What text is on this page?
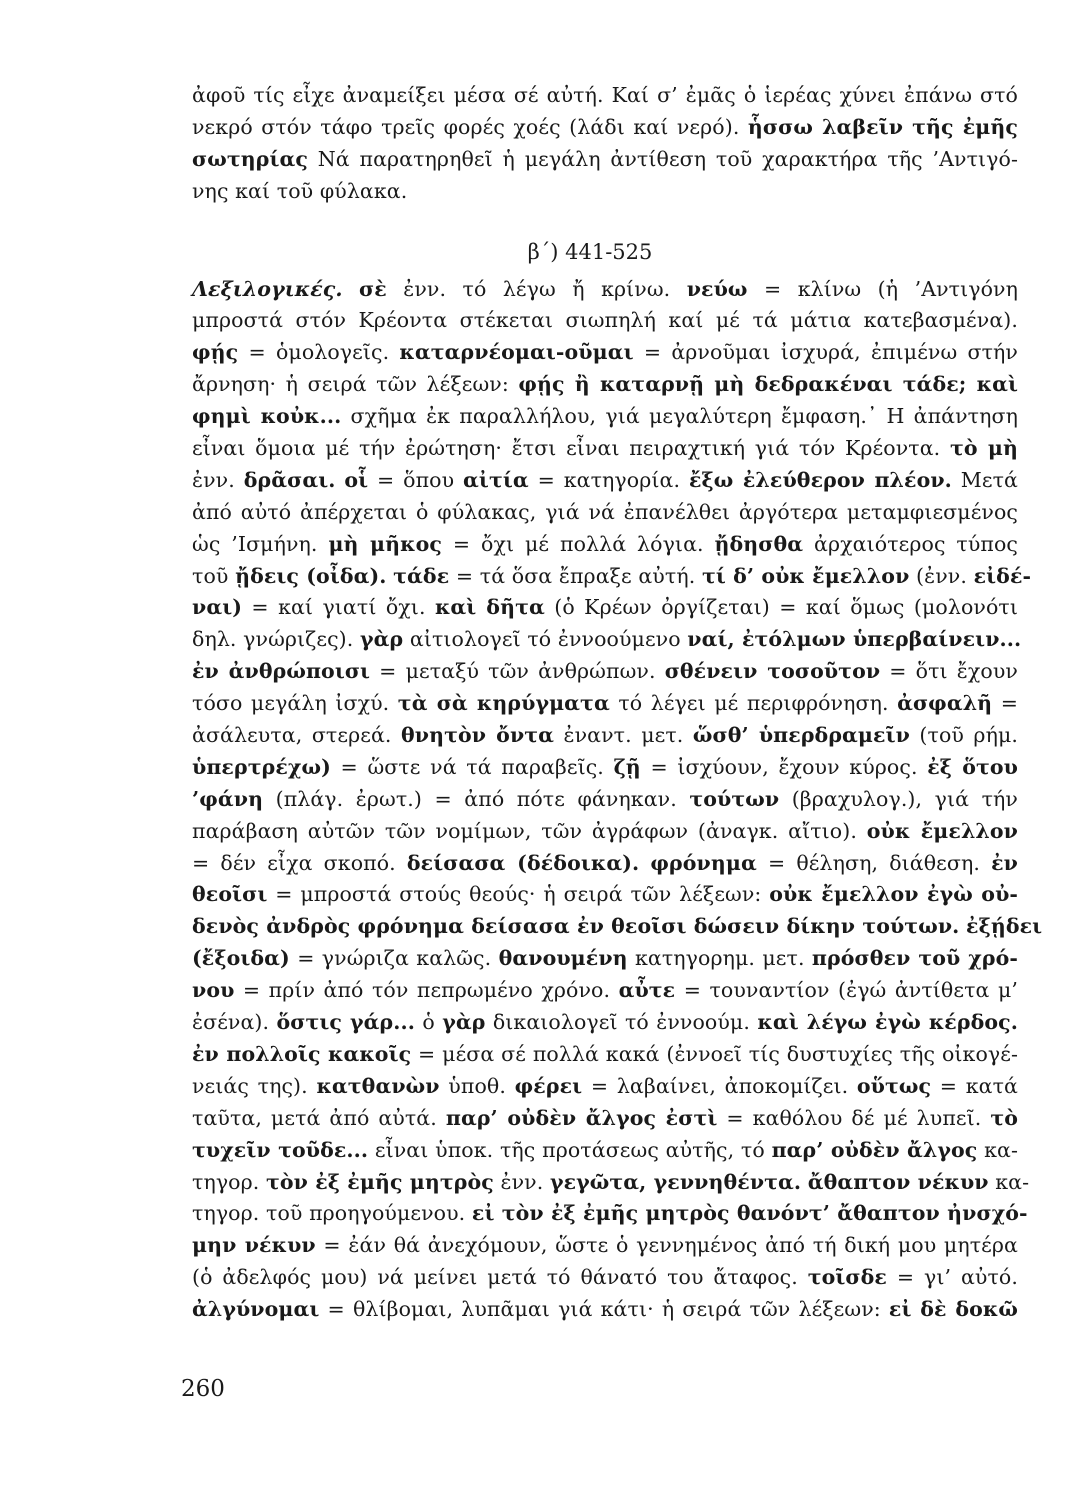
ἀφοῦ τίς εἶχε ἀναμείξει μέσα σέ αὐτή. Καί σ’ ἐμᾶς ὁ ἱερέας χύνει ἐπάνω στό
νεκρό στόν τάφο τρεῖς φορές χοές (λάδι καί νερό). ἧσσω λαβεῖν τῆς ἐμῆς
σωτηρίας Νά παρατηρηθεῖ ἡ μεγάλη ἀντίθεση τοῦ χαρακτήρα τῆς ’Αντιγό-
νης καί τοῦ φύλακα.
β΄) 441-525
Λεξιλογικές. σὲ ἐνν. τό λέγω ἤ κρίνω. νεύω = κλίνω (ἡ ’Αντιγόνη
μπροστά στόν Κρέοντα στέκεται σιωπηλή καί μέ τά μάτια κατεβασμένα).
φῄς = ὁμολογεῖς. καταρνέομαι-οῦμαι = ἀρνοῦμαι ἰσχυρά, ἐπιμένω στήν
ἄρνηση· ἡ σειρά τῶν λέξεων: φῄς ἢ καταρνῇ μὴ δεδρακέναι τάδε; καὶ
φημὶ κοὐκ... σχῆμα ἐκ παραλλήλου, γιά μεγαλύτερη ἔμφαση.᾿ Η ἀπάντηση
εἶναι ὅμοια μέ τήν ἐρώτηση· ἔτσι εἶναι πειραχτική γιά τόν Κρέοντα. τὸ μὴ
ἐνν. δρᾶσαι. οἷ = ὅπου αἰτία = κατηγορία. ἔξω ἐλεύθερον πλέον. Μετά
ἀπό αὐτό ἀπέρχεται ὁ φύλακας, γιά νά ἐπανέλθει ἀργότερα μεταμφιεσμένος
ὡς ’Ισμήνη. μὴ μῆκος = ὄχι μέ πολλά λόγια. ᾔδησθα ἀρχαιότερος τύπος
τοῦ ᾔδεις (οἶδα). τάδε = τά ὅσα ἔπραξε αὐτή. τί δ’ οὐκ ἔμελλον (ἐνν. εἰδέ-
ναι) = καί γιατί ὄχι. καὶ δῆτα (ὁ Κρέων ὀργίζεται) = καί ὅμως (μολονότι
δηλ. γνώριζες). γὰρ αἰτιολογεῖ τό ἐννοούμενο ναί, ἐτόλμων ὑπερβαίνειν...
ἐν ἀνθρώποισι = μεταξύ τῶν ἀνθρώπων. σθένειν τοσοῦτον = ὅτι ἔχουν
τόσο μεγάλη ἰσχύ. τὰ σὰ κηρύγματα τό λέγει μέ περιφρόνηση. ἀσφαλῆ =
ἀσάλευτα, στερεά. θνητὸν ὄντα ἐναντ. μετ. ὥσθ’ ὑπερδραμεῖν (τοῦ ρήμ.
ὑπερτρέχω) = ὥστε νά τά παραβεῖς. ζῇ = ἰσχύουν, ἔχουν κύρος. ἐξ ὅτου
’φάνη (πλάγ. ἐρωτ.) = ἀπό πότε φάνηκαν. τούτων (βραχυλογ.), γιά τήν
παράβαση αὐτῶν τῶν νομίμων, τῶν ἀγράφων (ἀναγκ. αἴτιο). οὐκ ἔμελλον
= δέν εἶχα σκοπό. δείσασα (δέδοικα). φρόνημα = θέληση, διάθεση. ἐν
θεοῖσι = μπροστά στούς θεούς· ἡ σειρά τῶν λέξεων: οὐκ ἔμελλον ἐγὼ οὐ-
δενὸς ἀνδρὸς φρόνημα δείσασα ἐν θεοῖσι δώσειν δίκην τούτων. ἐξῄδει
(ἔξοιδα) = γνώριζα καλῶς. θανουμένη κατηγορημ. μετ. πρόσθεν τοῦ χρό-
νου = πρίν ἀπό τόν πεπρωμένο χρόνο. αὖτε = τουναντίον (ἐγώ ἀντίθετα μ’
ἐσένα). ὅστις γάρ... ὁ γὰρ δικαιολογεῖ τό ἐννοούμ. καὶ λέγω ἐγὼ κέρδος.
ἐν πολλοῖς κακοῖς = μέσα σέ πολλά κακά (ἐννοεῖ τίς δυστυχίες τῆς οἰκογέ-
νειάς της). κατθανὼν ὑποθ. φέρει = λαβαίνει, ἀποκομίζει. οὕτως = κατά
ταῦτα, μετά ἀπό αὐτά. παρ’ οὐδὲν ἄλγος ἐστὶ = καθόλου δέ μέ λυπεῖ. τὸ
τυχεῖν τοῦδε... εἶναι ὑποκ. τῆς προτάσεως αὐτῆς, τό παρ’ οὐδὲν ἄλγος κα-
τηγορ. τὸν ἐξ ἐμῆς μητρὸς ἐνν. γεγῶτα, γεννηθέντα. ἄθαπτον νέκυν κα-
τηγορ. τοῦ προηγούμενου. εἰ τὸν ἐξ ἐμῆς μητρὸς θανόντ’ ἄθαπτον ἠνσχό-
μην νέκυν = ἐάν θά ἀνεχόμουν, ὥστε ὁ γεννημένος ἀπό τή δική μου μητέρα
(ὁ ἀδελφός μου) νά μείνει μετά τό θάνατό του ἄταφος. τοῖσδε = γι’ αὐτό.
ἀλγύνομαι = θλίβομαι, λυπᾶμαι γιά κάτι· ἡ σειρά τῶν λέξεων: εἰ δὲ δοκῶ
260
